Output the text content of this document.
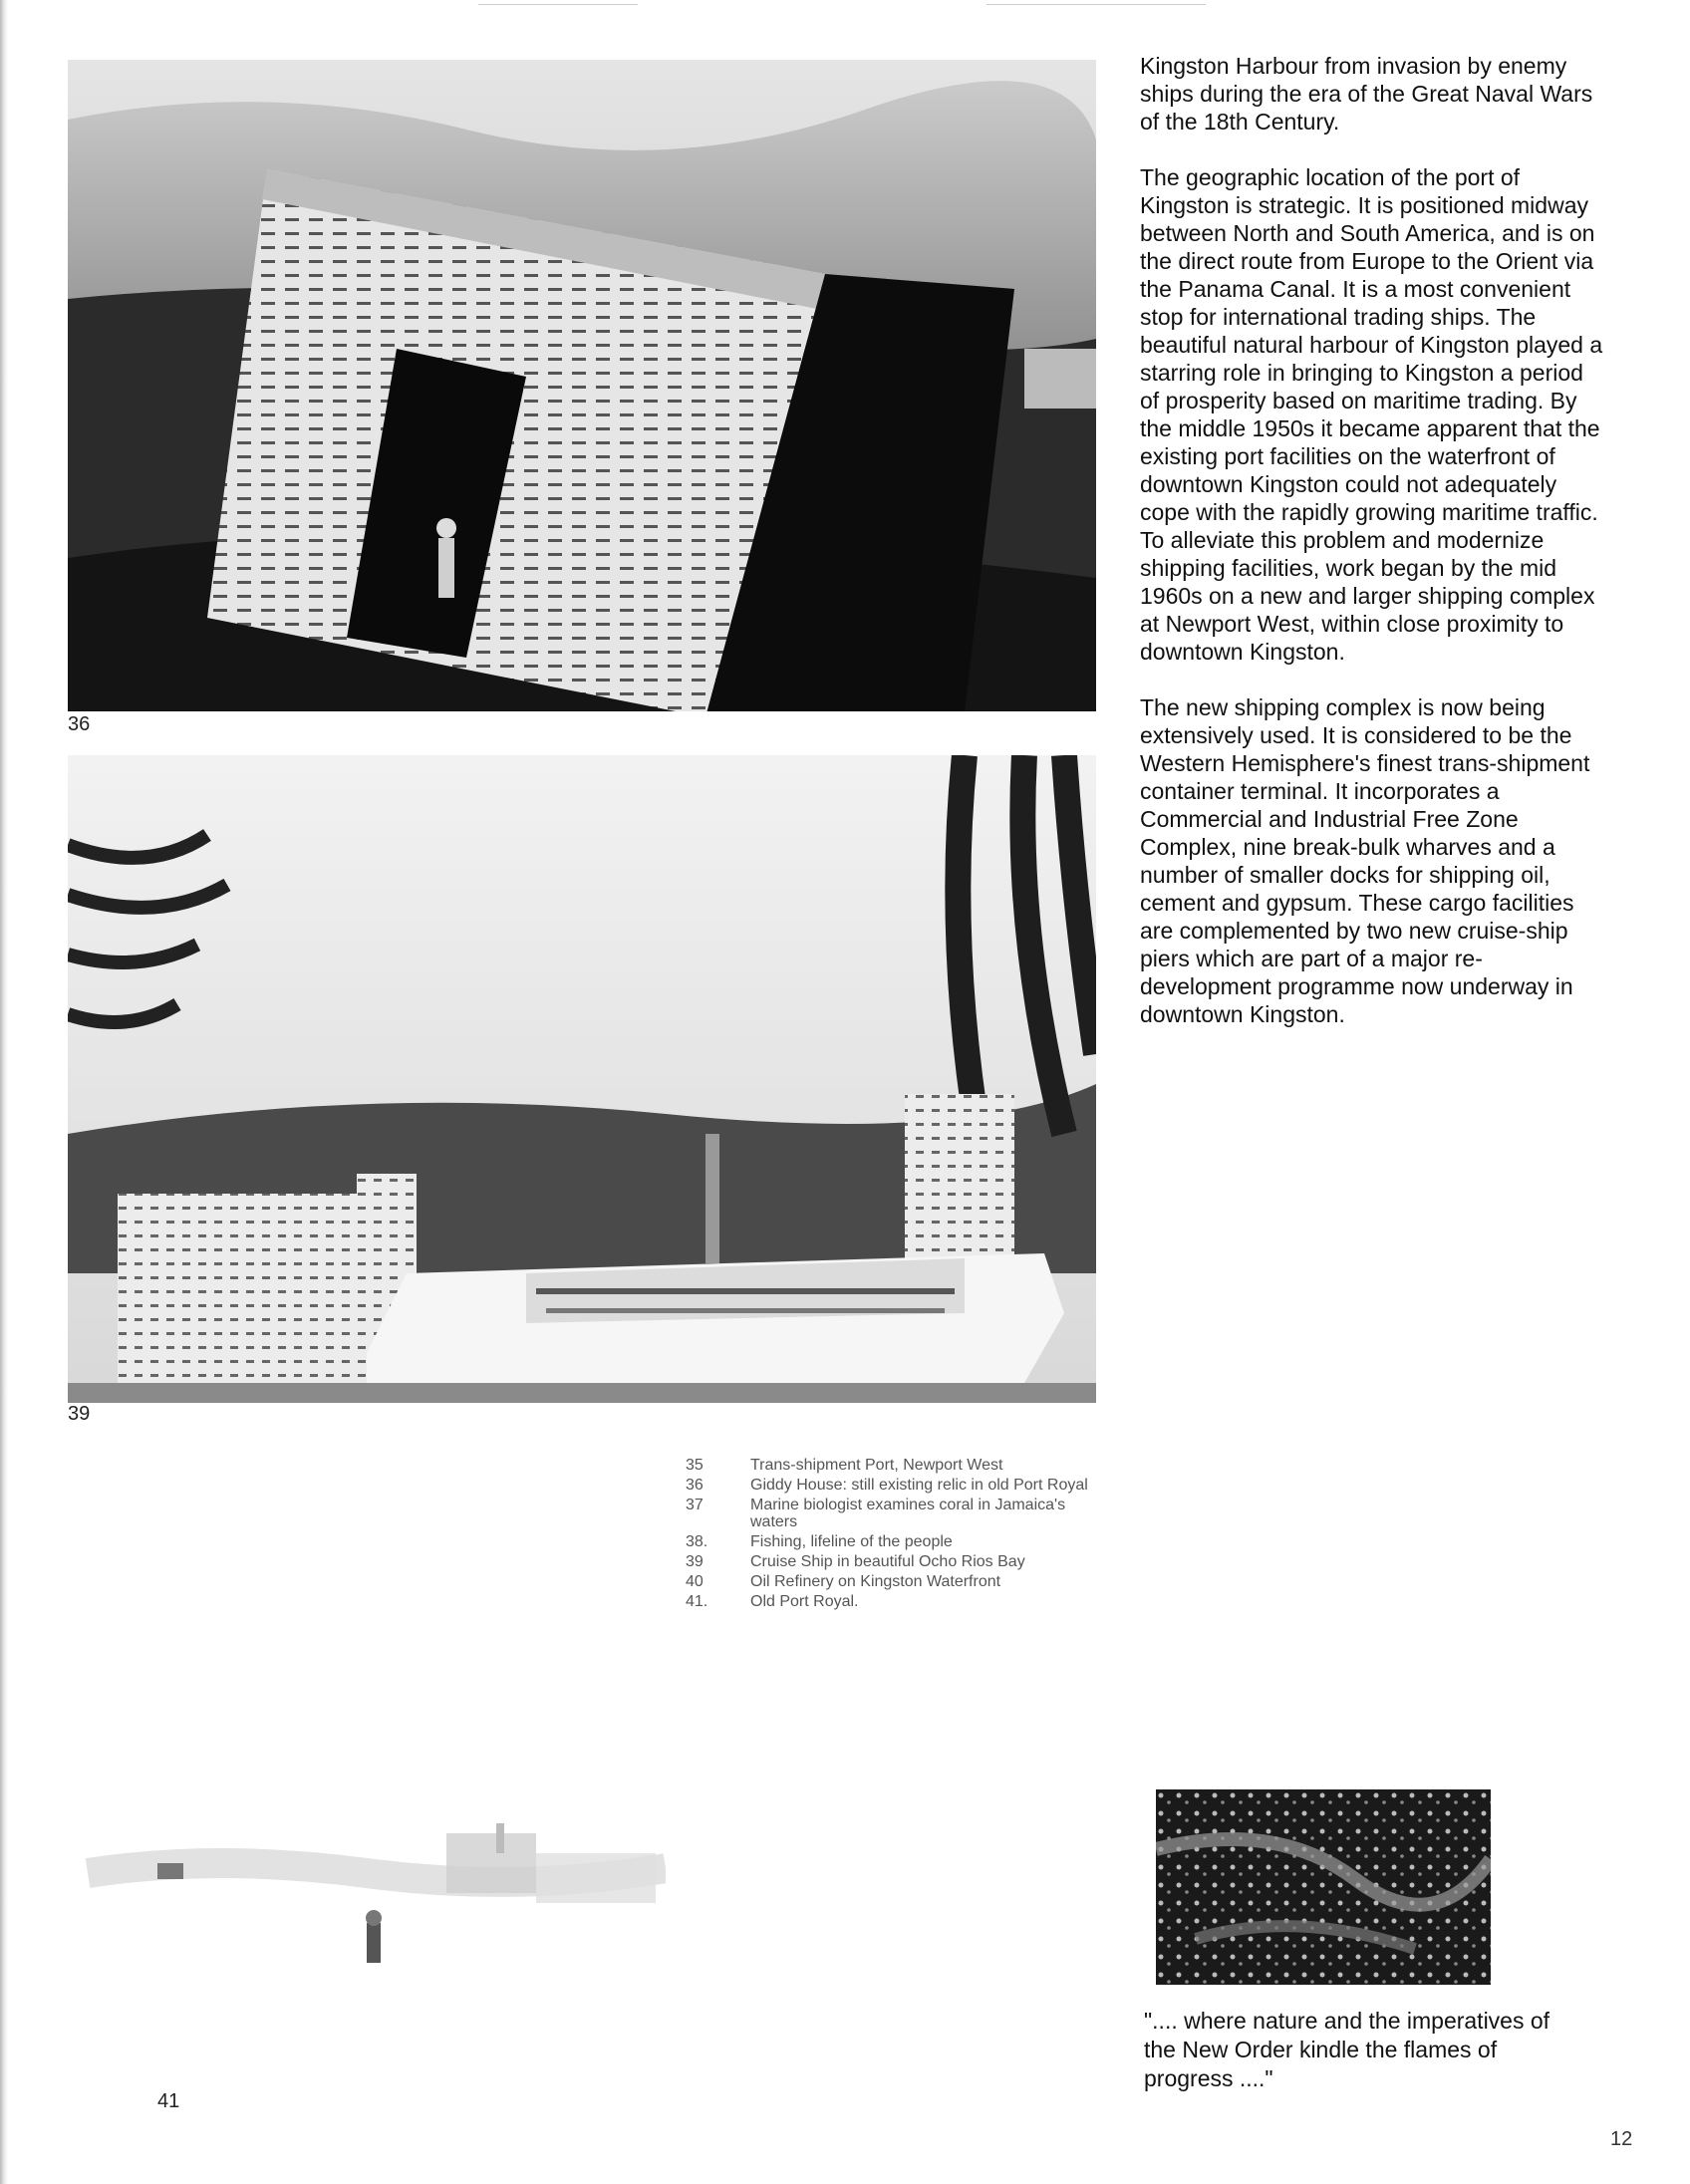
36
39

Kingston Harbour from invasion by enemy ships during the era of the Great Naval Wars of the 18th Century.

The geographic location of the port of Kingston is strategic. It is positioned midway between North and South America, and is on the direct route from Europe to the Orient via the Panama Canal. It is a most convenient stop for international trading ships. The beautiful natural harbour of Kingston played a starring role in bringing to Kingston a period of prosperity based on maritime trading. By the middle 1950s it became apparent that the existing port facilities on the waterfront of downtown Kingston could not adequately cope with the rapidly growing maritime traffic. To alleviate this problem and modernize shipping facilities, work began by the mid 1960s on a new and larger shipping complex at Newport West, within close proximity to downtown Kingston.

The new shipping complex is now being extensively used. It is considered to be the Western Hemisphere's finest trans-shipment container terminal. It incorporates a Commercial and Industrial Free Zone Complex, nine break-bulk wharves and a number of smaller docks for shipping oil, cement and gypsum. These cargo facilities are complemented by two new cruise-ship piers which are part of a major re-development programme now underway in downtown Kingston.

35	Trans-shipment Port, Newport West
36	Giddy House: still existing relic in old Port Royal
37	Marine biologist examines coral in Jamaica's waters
38.	Fishing, lifeline of the people
39	Cruise Ship in beautiful Ocho Rios Bay
40	Oil Refinery on Kingston Waterfront
41.	Old Port Royal.
41
".... where nature and the imperatives of the New Order kindle the flames of progress ...."
12
